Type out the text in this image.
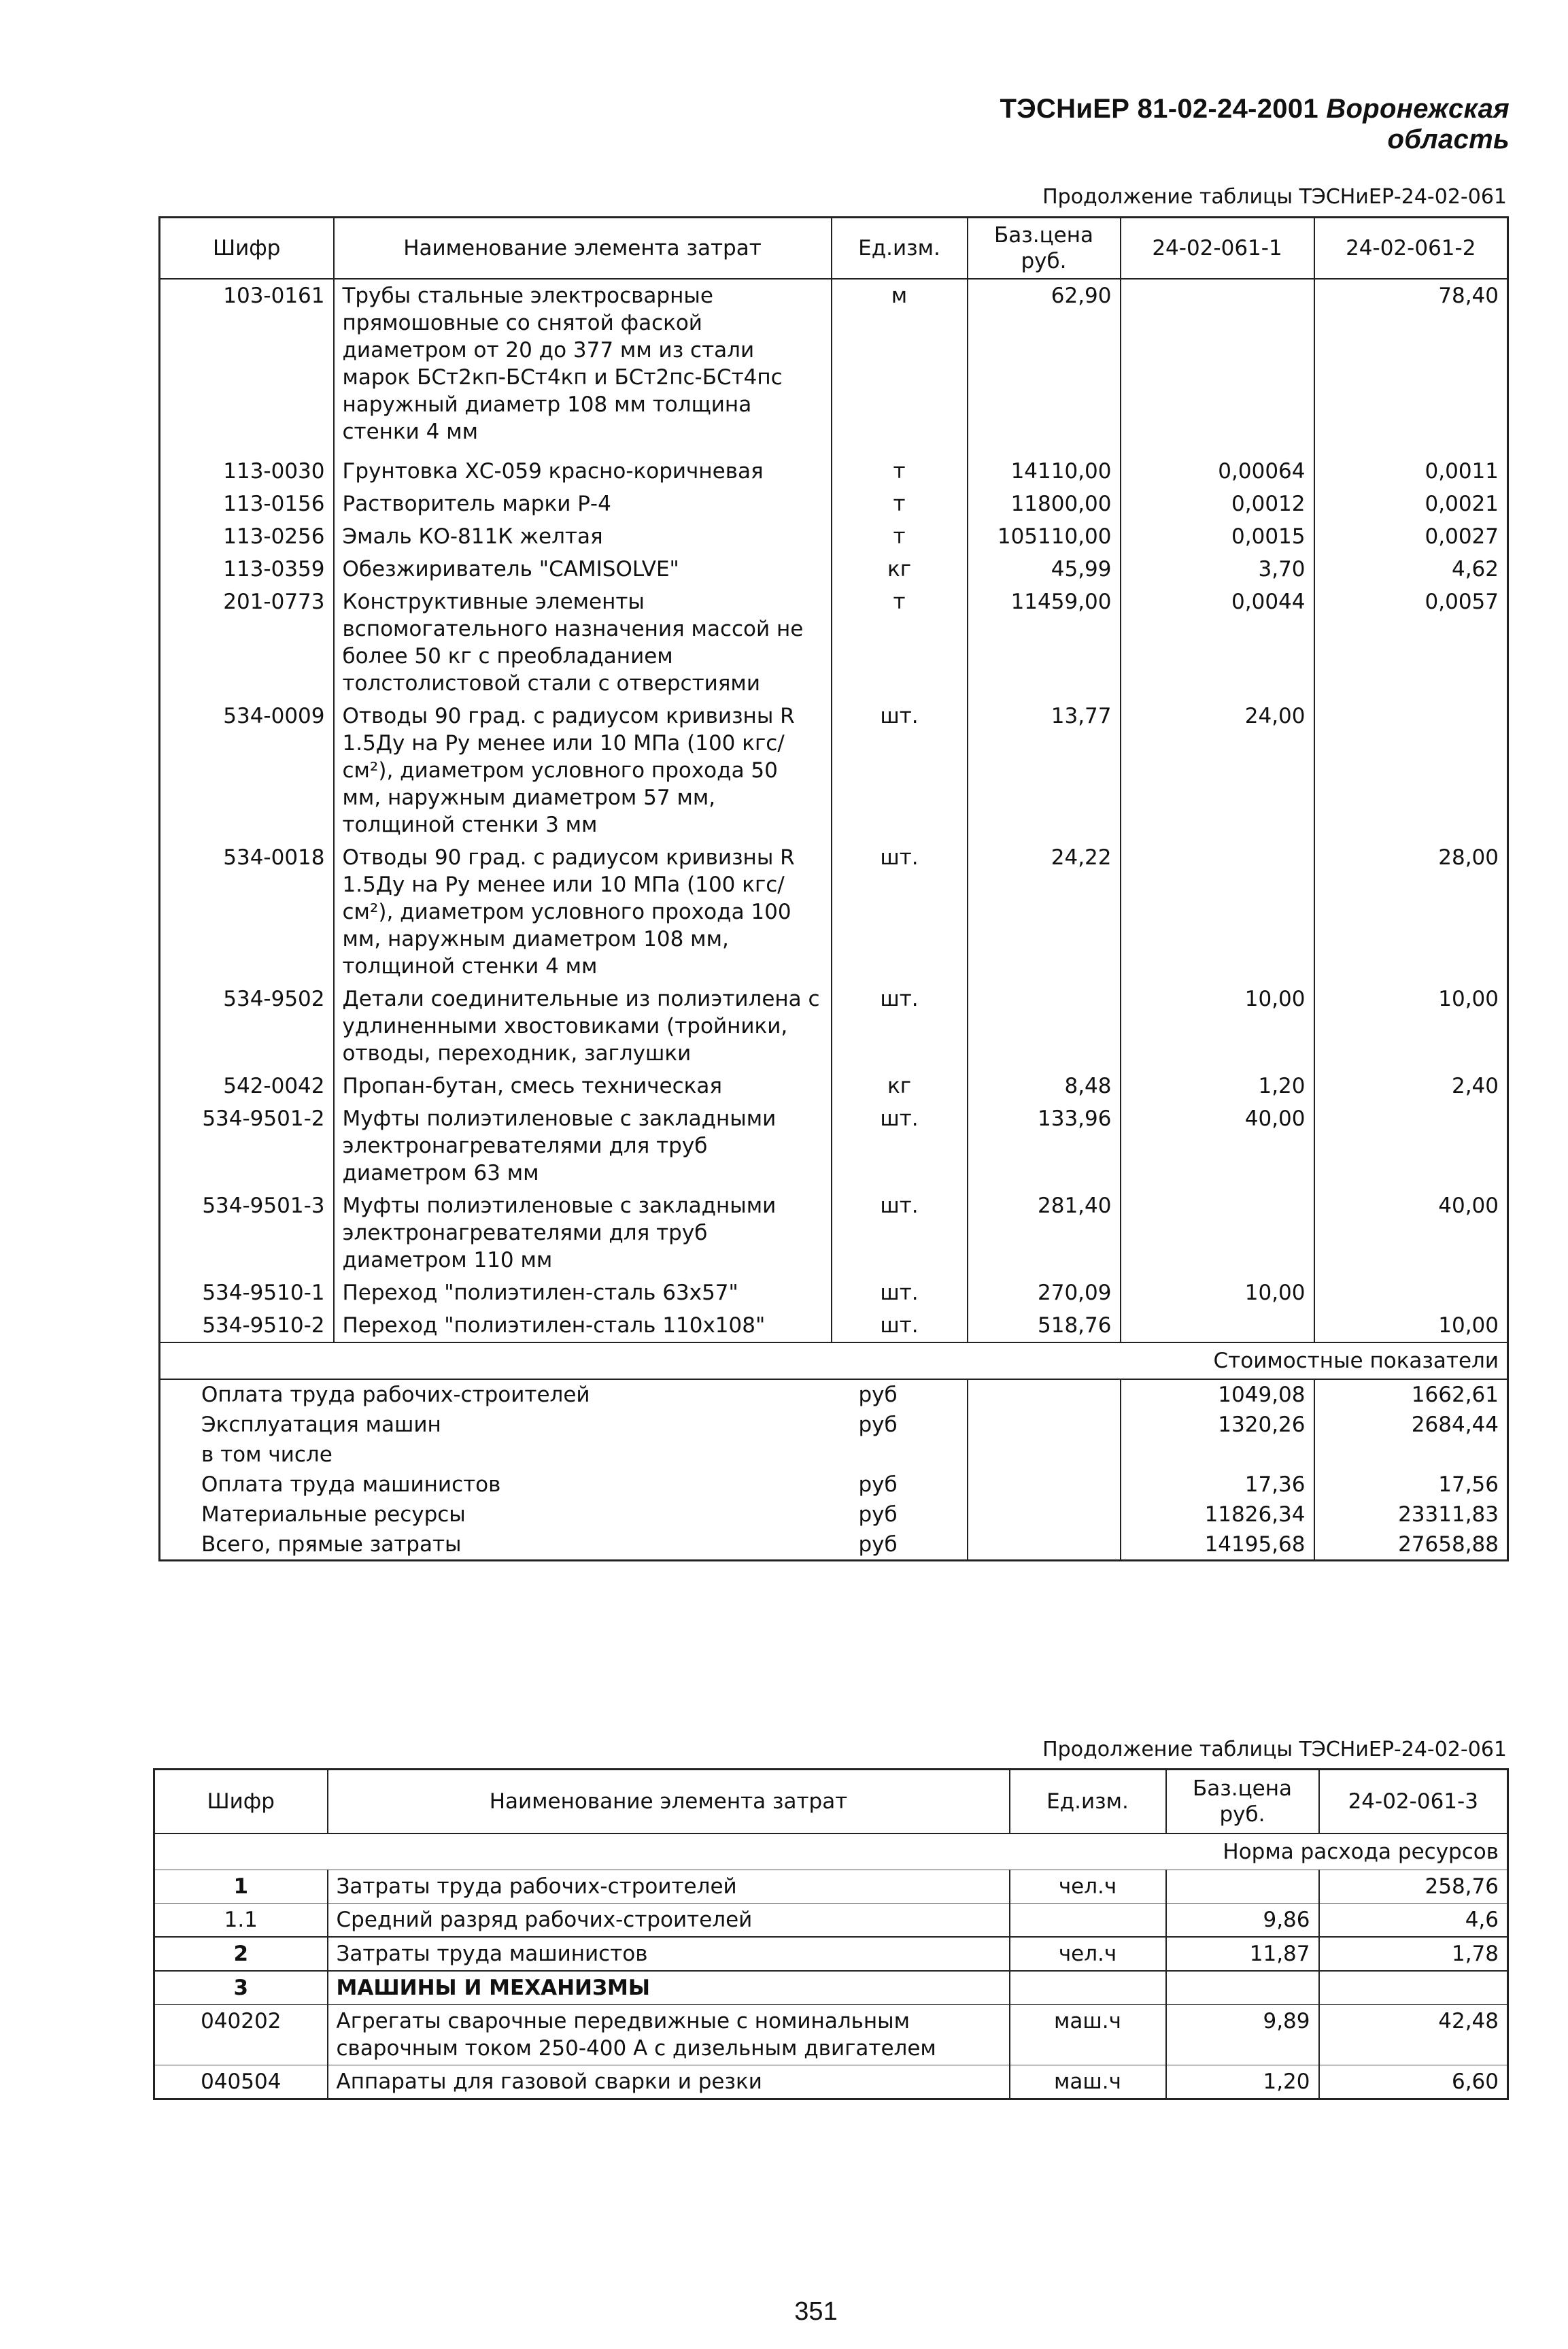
ТЭСНиЕР 81-02-24-2001 Воронежская область
Продолжение таблицы ТЭСНиЕР-24-02-061
Шифр	Наименование элемента затрат	Ед.изм.	Баз.цена руб.	24-02-061-1	24-02-061-2
103-0161	Трубы стальные электросварные прямошовные со снятой фаской диаметром от 20 до 377 мм из стали марок БСт2кп-БСт4кп и БСт2пс-БСт4пс наружный диаметр 108 мм толщина стенки 4 мм	м	62,90		78,40
113-0030	Грунтовка ХС-059 красно-коричневая	т	14110,00	0,00064	0,0011
113-0156	Растворитель марки Р-4	т	11800,00	0,0012	0,0021
113-0256	Эмаль КО-811К желтая	т	105110,00	0,0015	0,0027
113-0359	Обезжириватель "CAMISOLVE"	кг	45,99	3,70	4,62
201-0773	Конструктивные элементы вспомогательного назначения массой не более 50 кг с преобладанием толстолистовой стали с отверстиями	т	11459,00	0,0044	0,0057
534-0009	Отводы 90 град. с радиусом кривизны R 1.5Ду на Ру менее или 10 МПа (100 кгс/см²), диаметром условного прохода 50 мм, наружным диаметром 57 мм, толщиной стенки 3 мм	шт.	13,77	24,00	
534-0018	Отводы 90 град. с радиусом кривизны R 1.5Ду на Ру менее или 10 МПа (100 кгс/см²), диаметром условного прохода 100 мм, наружным диаметром 108 мм, толщиной стенки 4 мм	шт.	24,22		28,00
534-9502	Детали соединительные из полиэтилена с удлиненными хвостовиками (тройники, отводы, переходник, заглушки	шт.		10,00	10,00
542-0042	Пропан-бутан, смесь техническая	кг	8,48	1,20	2,40
534-9501-2	Муфты полиэтиленовые с закладными электронагревателями для труб диаметром 63 мм	шт.	133,96	40,00	
534-9501-3	Муфты полиэтиленовые с закладными электронагревателями для труб диаметром 110 мм	шт.	281,40		40,00
534-9510-1	Переход "полиэтилен-сталь 63х57"	шт.	270,09	10,00	
534-9510-2	Переход "полиэтилен-сталь 110х108"	шт.	518,76		10,00
Стоимостные показатели					
Оплата труда рабочих-строителей		руб		1049,08	1662,61
Эксплуатация машин		руб		1320,26	2684,44
в том числе					
Оплата труда машинистов		руб		17,36	17,56
Материальные ресурсы		руб		11826,34	23311,83
Всего, прямые затраты		руб		14195,68	27658,88
Продолжение таблицы ТЭСНиЕР-24-02-061
Шифр	Наименование элемента затрат	Ед.изм.	Баз.цена руб.	24-02-061-3
Норма расхода ресурсов				
1	Затраты труда рабочих-строителей	чел.ч		258,76
1.1	Средний разряд рабочих-строителей		9,86	4,6
2	Затраты труда машинистов	чел.ч	11,87	1,78
3	МАШИНЫ И МЕХАНИЗМЫ			
040202	Агрегаты сварочные передвижные с номинальным сварочным током 250-400 А с дизельным двигателем	маш.ч	9,89	42,48
040504	Аппараты для газовой сварки и резки	маш.ч	1,20	6,60
351
